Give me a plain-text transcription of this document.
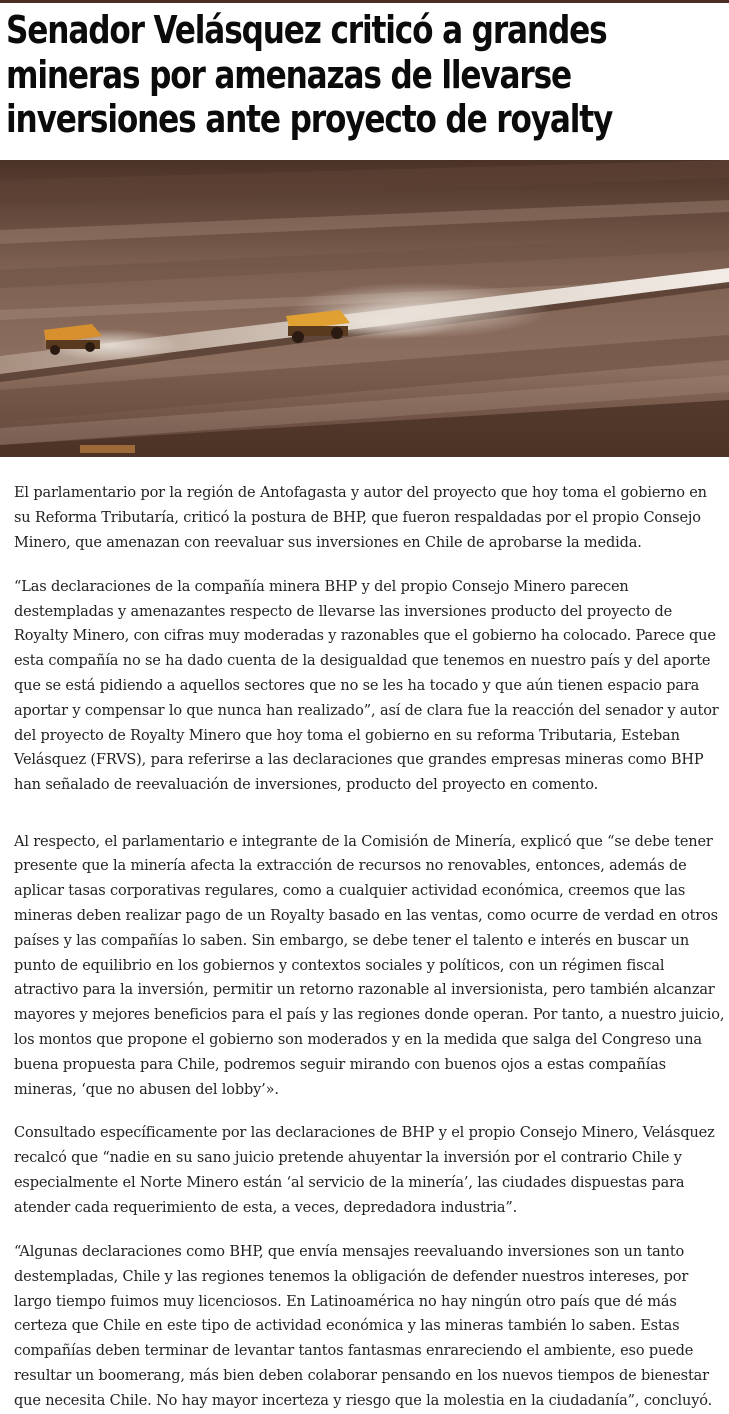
Senador Velásquez criticó a grandes
mineras por amenazas de llevarse
inversiones ante proyecto de royalty

El parlamentario por la región de Antofagasta y autor del proyecto que hoy toma el gobierno en su Reforma Tributaría, criticó la postura de BHP, que fueron respaldadas por el propio Consejo Minero, que amenazan con reevaluar sus inversiones en Chile de aprobarse la medida.

“Las declaraciones de la compañía minera BHP y del propio Consejo Minero parecen destempladas y amenazantes respecto de llevarse las inversiones producto del proyecto de Royalty Minero, con cifras muy moderadas y razonables que el gobierno ha colocado. Parece que esta compañía no se ha dado cuenta de la desigualdad que tenemos en nuestro país y del aporte que se está pidiendo a aquellos sectores que no se les ha tocado y que aún tienen espacio para aportar y compensar lo que nunca han realizado”, así de clara fue la reacción del senador y autor del proyecto de Royalty Minero que hoy toma el gobierno en su reforma Tributaria, Esteban Velásquez (FRVS), para referirse a las declaraciones que grandes empresas mineras como BHP han señalado de reevaluación de inversiones, producto del proyecto en comento.

Al respecto, el parlamentario e integrante de la Comisión de Minería, explicó que “se debe tener presente que la minería afecta la extracción de recursos no renovables, entonces, además de aplicar tasas corporativas regulares, como a cualquier actividad económica, creemos que las mineras deben realizar pago de un Royalty basado en las ventas, como ocurre de verdad en otros países y las compañías lo saben. Sin embargo, se debe tener el talento e interés en buscar un punto de equilibrio en los gobiernos y contextos sociales y políticos, con un régimen fiscal atractivo para la inversión, permitir un retorno razonable al inversionista, pero también alcanzar mayores y mejores beneficios para el país y las regiones donde operan. Por tanto, a nuestro juicio, los montos que propone el gobierno son moderados y en la medida que salga del Congreso una buena propuesta para Chile, podremos seguir mirando con buenos ojos a estas compañías mineras, ‘que no abusen del lobby’».

Consultado específicamente por las declaraciones de BHP y el propio Consejo Minero, Velásquez recalcó que “nadie en su sano juicio pretende ahuyentar la inversión por el contrario Chile y especialmente el Norte Minero están ‘al servicio de la minería’, las ciudades dispuestas para atender cada requerimiento de esta, a veces, depredadora industria”.

“Algunas declaraciones como BHP, que envía mensajes reevaluando inversiones son un tanto destempladas, Chile y las regiones tenemos la obligación de defender nuestros intereses, por largo tiempo fuimos muy licenciosos. En Latinoamérica no hay ningún otro país que dé más certeza que Chile en este tipo de actividad económica y las mineras también lo saben. Estas compañías deben terminar de levantar tantos fantasmas enrareciendo el ambiente, eso puede resultar un boomerang, más bien deben colaborar pensando en los nuevos tiempos de bienestar que necesita Chile. No hay mayor incerteza y riesgo que la molestia en la ciudadanía”, concluyó.
